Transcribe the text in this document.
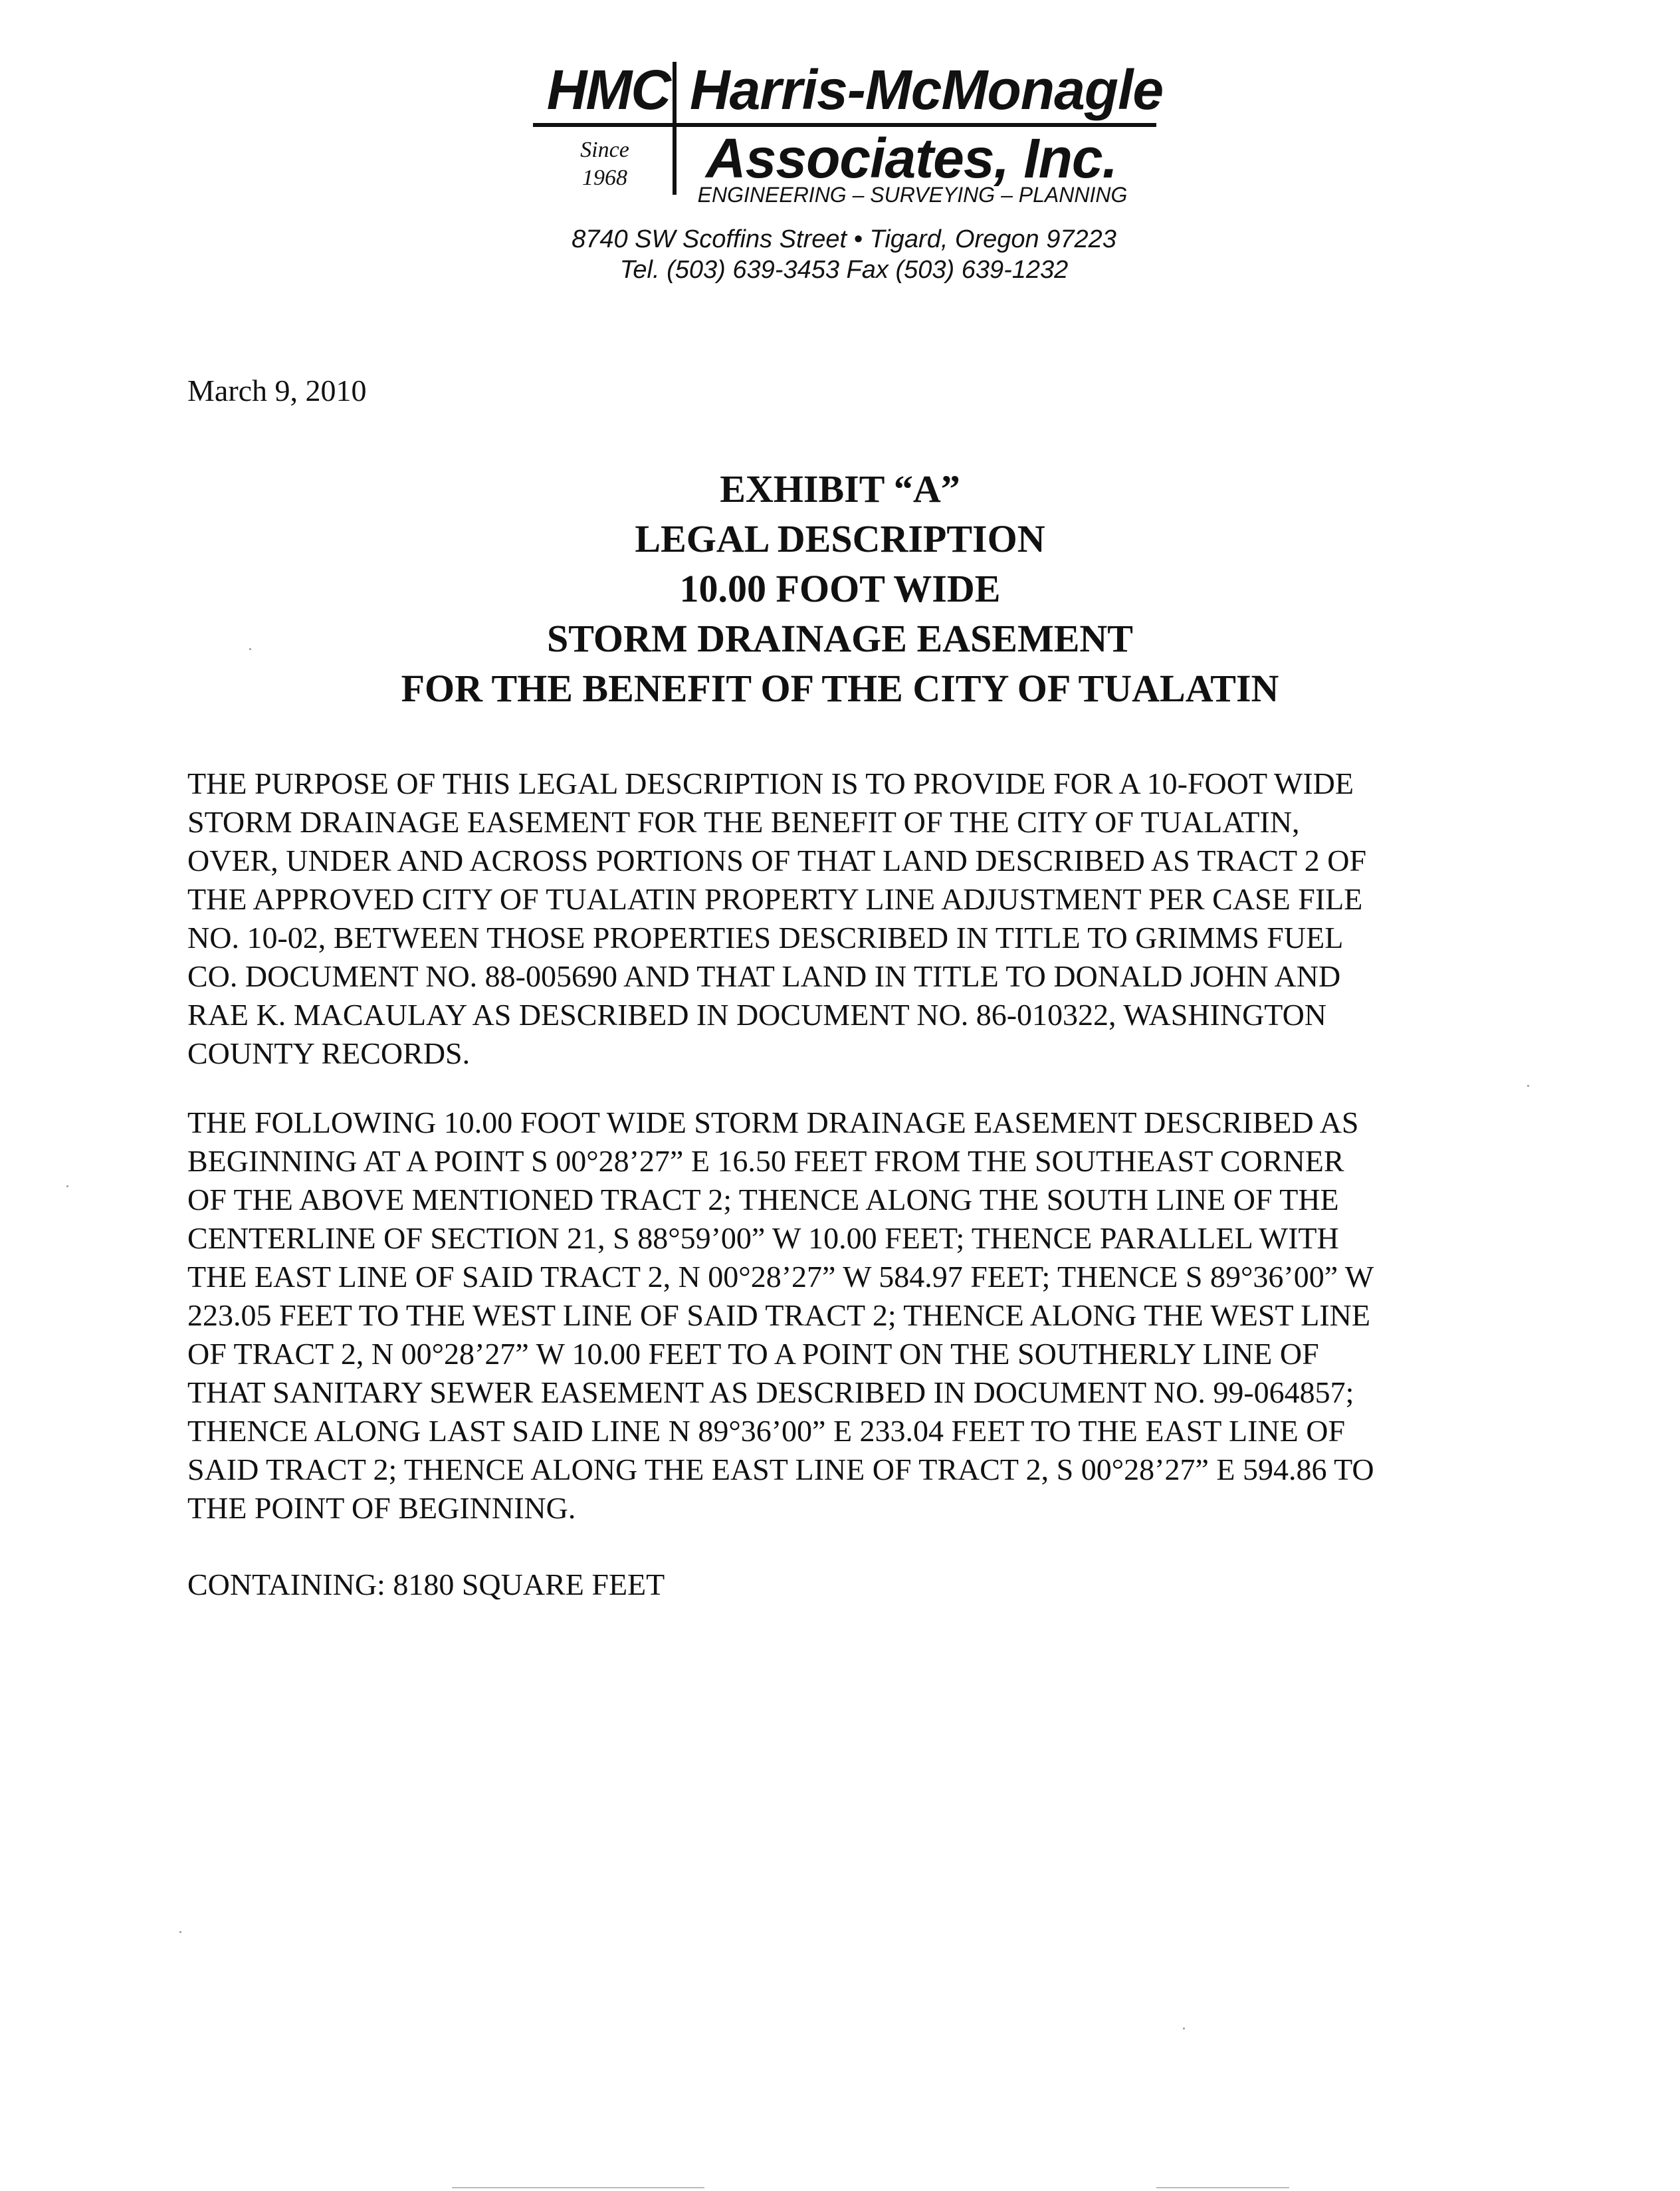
HMC Harris-McMonagle
Since
1968	Associates, Inc.
ENGINEERING – SURVEYING – PLANNING
8740 SW Scoffins Street • Tigard, Oregon 97223
Tel. (503) 639-3453 Fax (503) 639-1232
March 9, 2010
EXHIBIT “A”
LEGAL DESCRIPTION
10.00 FOOT WIDE
STORM DRAINAGE EASEMENT
FOR THE BENEFIT OF THE CITY OF TUALATIN
THE PURPOSE OF THIS LEGAL DESCRIPTION IS TO PROVIDE FOR A 10-FOOT WIDE
STORM DRAINAGE EASEMENT FOR THE BENEFIT OF THE CITY OF TUALATIN,
OVER, UNDER AND ACROSS PORTIONS OF THAT LAND DESCRIBED AS TRACT 2 OF
THE APPROVED CITY OF TUALATIN PROPERTY LINE ADJUSTMENT PER CASE FILE
NO. 10-02, BETWEEN THOSE PROPERTIES DESCRIBED IN TITLE TO GRIMMS FUEL
CO. DOCUMENT NO. 88-005690 AND THAT LAND IN TITLE TO DONALD JOHN AND
RAE K. MACAULAY AS DESCRIBED IN DOCUMENT NO. 86-010322, WASHINGTON
COUNTY RECORDS.
THE FOLLOWING 10.00 FOOT WIDE STORM DRAINAGE EASEMENT DESCRIBED AS
BEGINNING AT A POINT S 00°28’27” E 16.50 FEET FROM THE SOUTHEAST CORNER
OF THE ABOVE MENTIONED TRACT 2; THENCE ALONG THE SOUTH LINE OF THE
CENTERLINE OF SECTION 21, S 88°59’00” W 10.00 FEET; THENCE PARALLEL WITH
THE EAST LINE OF SAID TRACT 2, N 00°28’27” W 584.97 FEET; THENCE S 89°36’00” W
223.05 FEET TO THE WEST LINE OF SAID TRACT 2; THENCE ALONG THE WEST LINE
OF TRACT 2, N 00°28’27” W 10.00 FEET TO A POINT ON THE SOUTHERLY LINE OF
THAT SANITARY SEWER EASEMENT AS DESCRIBED IN DOCUMENT NO. 99-064857;
THENCE ALONG LAST SAID LINE N 89°36’00” E 233.04 FEET TO THE EAST LINE OF
SAID TRACT 2; THENCE ALONG THE EAST LINE OF TRACT 2, S 00°28’27” E 594.86 TO
THE POINT OF BEGINNING.
CONTAINING: 8180 SQUARE FEET
